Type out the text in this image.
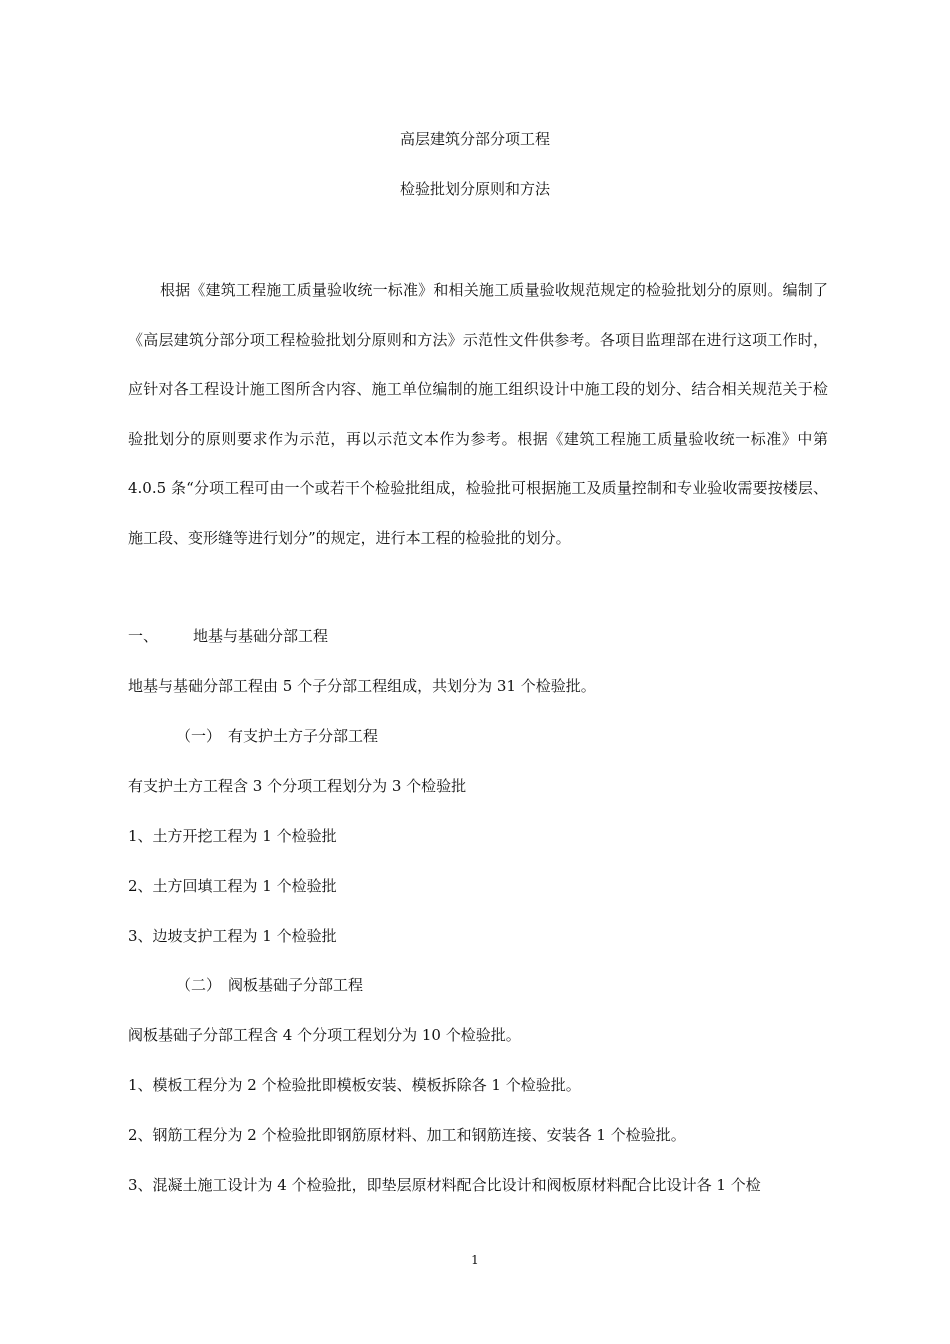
高层建筑分部分项工程
检验批划分原则和方法
根据《建筑工程施工质量验收统一标准》和相关施工质量验收规范规定的检验批划分的原则。编制了《高层建筑分部分项工程检验批划分原则和方法》示范性文件供参考。各项目监理部在进行这项工作时，应针对各工程设计施工图所含内容、施工单位编制的施工组织设计中施工段的划分、结合相关规范关于检验批划分的原则要求作为示范，再以示范文本作为参考。根据《建筑工程施工质量验收统一标准》中第 4.0.5 条“分项工程可由一个或若干个检验批组成，检验批可根据施工及质量控制和专业验收需要按楼层、施工段、变形缝等进行划分”的规定，进行本工程的检验批的划分。
一、 地基与基础分部工程
地基与基础分部工程由 5 个子分部工程组成，共划分为 31 个检验批。
（一） 有支护土方子分部工程
有支护土方工程含 3 个分项工程划分为 3 个检验批
1、土方开挖工程为 1 个检验批
2、土方回填工程为 1 个检验批
3、边坡支护工程为 1 个检验批
（二） 阀板基础子分部工程
阀板基础子分部工程含 4 个分项工程划分为 10 个检验批。
1、模板工程分为 2 个检验批即模板安装、模板拆除各 1 个检验批。
2、钢筋工程分为 2 个检验批即钢筋原材料、加工和钢筋连接、安装各 1 个检验批。
3、混凝土施工设计为 4 个检验批，即垫层原材料配合比设计和阀板原材料配合比设计各 1 个检
1
